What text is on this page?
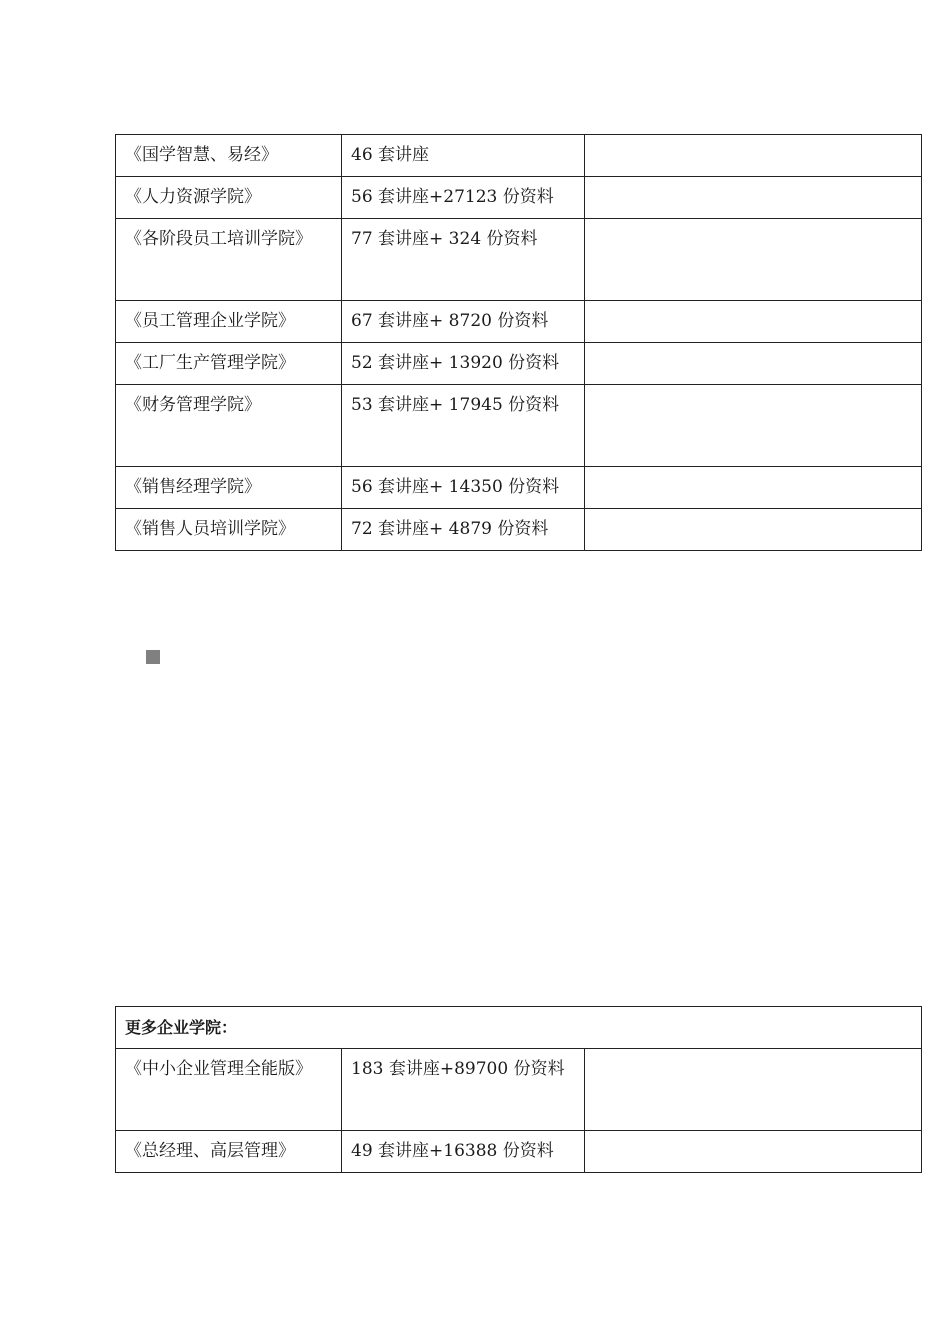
《国学智慧、易经》	46 套讲座	
《人力资源学院》	56 套讲座+27123 份资料	
《各阶段员工培训学院》	77 套讲座+ 324 份资料	
《员工管理企业学院》	67 套讲座+ 8720 份资料	
《工厂生产管理学院》	52 套讲座+ 13920 份资料	
《财务管理学院》	53 套讲座+ 17945 份资料	
《销售经理学院》	56 套讲座+ 14350 份资料	
《销售人员培训学院》	72 套讲座+ 4879 份资料	
更多企业学院：		
《中小企业管理全能版》	183 套讲座+89700 份资料	
《总经理、高层管理》	49 套讲座+16388 份资料	
